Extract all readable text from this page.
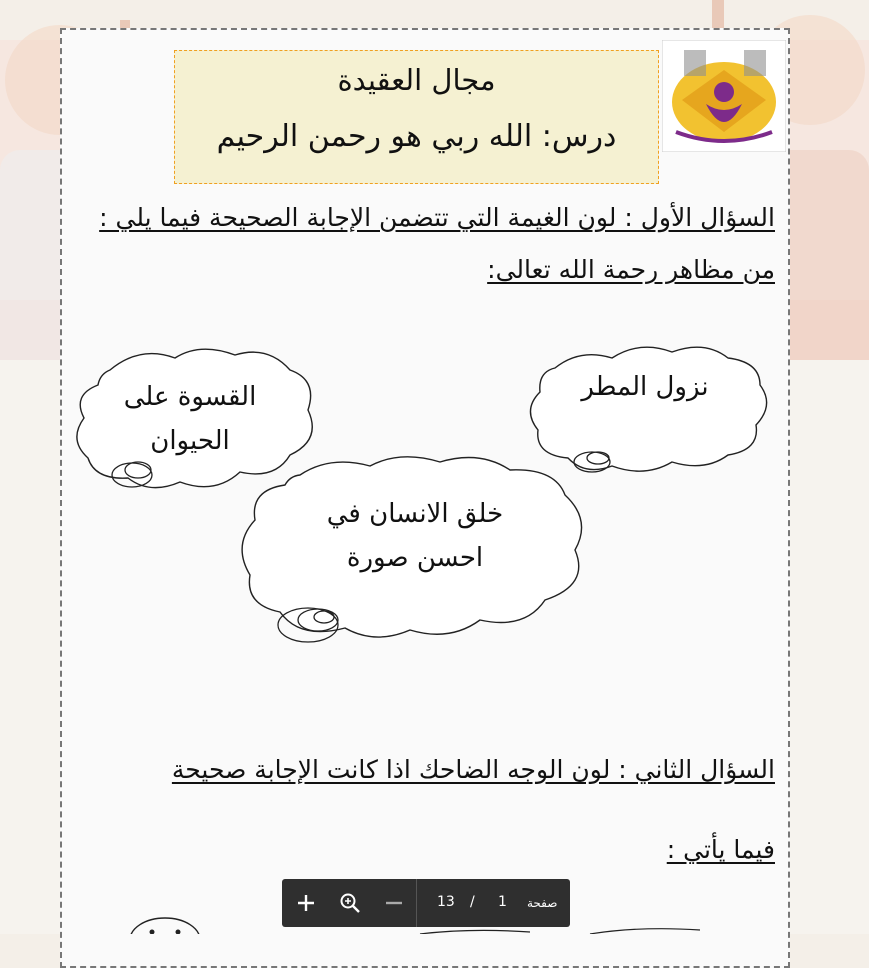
مجال العقيدة
درس: الله ربي هو رحمن الرحيم
السؤال الأول : لون الغيمة التي تتضمن الإجابة الصحيحة فيما يلي :
من مظاهر رحمة الله تعالى:
القسوة على
الحيوان
نزول المطر
خلق الانسان في
احسن صورة
السؤال الثاني : لون الوجه الضاحك اذا كانت الإجابة صحيحة
فيما يأتي :
13 / 1 صفحة
